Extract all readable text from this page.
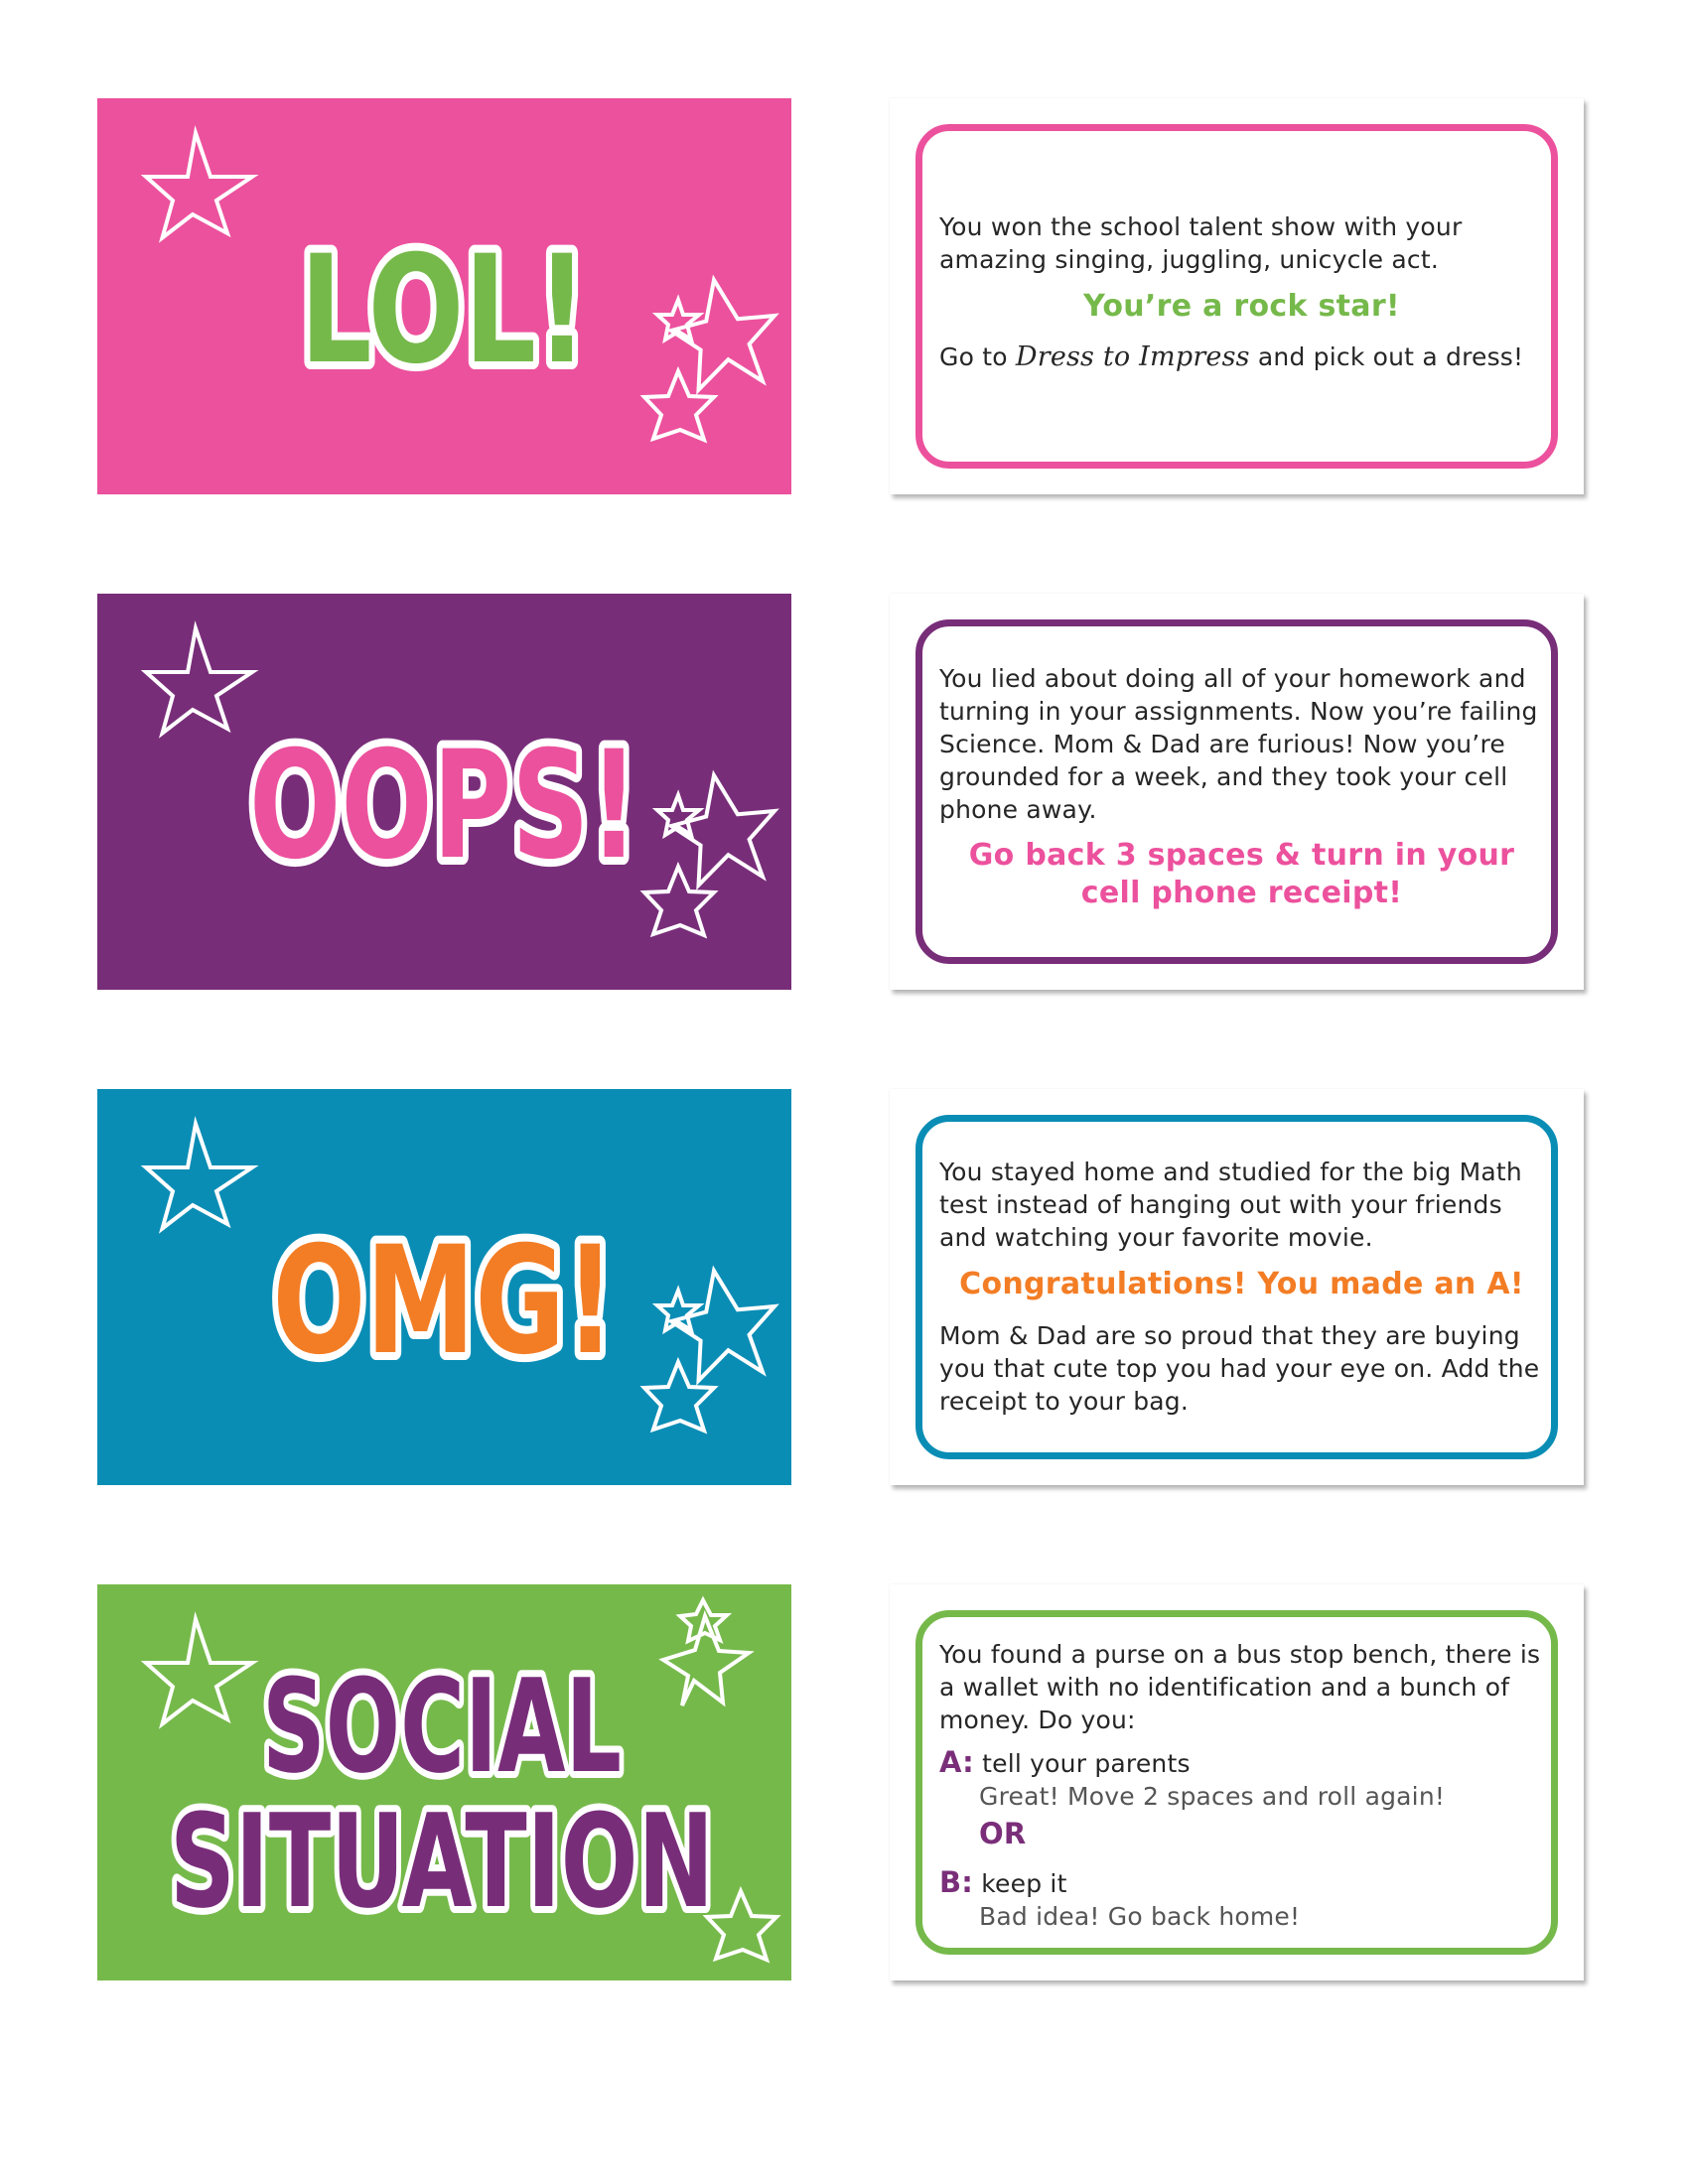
LOL!	You won the school talent show with your amazing singing, juggling, unicycle act.
You’re a rock star!
Go to Dress to Impress and pick out a dress!
OOPS!
You lied about doing all of your homework and turning in your assignments. Now you’re failing Science. Mom & Dad are furious! Now you’re grounded for a week, and they took your cell phone away.
Go back 3 spaces & turn in your cell phone receipt!
OMG!
You stayed home and studied for the big Math test instead of hanging out with your friends and watching your favorite movie.
Congratulations! You made an A!
Mom & Dad are so proud that they are buying you that cute top you had your eye on. Add the receipt to your bag.
SOCIAL
SITUATION
You found a purse on a bus stop bench, there is a wallet with no identification and a bunch of money. Do you:
A: tell your parents
Great! Move 2 spaces and roll again!
OR
B: keep it
Bad idea! Go back home!
